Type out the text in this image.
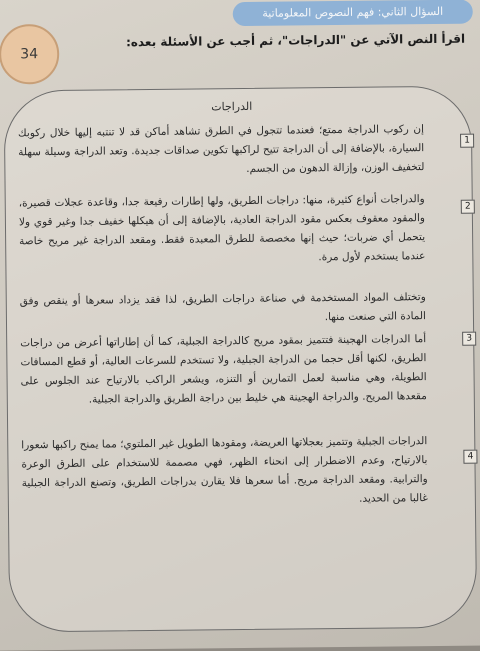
السؤال الثاني: فهم النصوص المعلوماتية
34
اقرأ النص الآتي عن "الدراجات"، ثم أجب عن الأسئلة بعده:
الدراجات
1
إن ركوب الدراجة ممتع؛ فعندما تتجول في الطرق تشاهد أماكن قد لا تنتبه إليها خلال ركوبك السيارة، بالإضافة إلى أن الدراجة تتيح لراكبها تكوين صداقات جديدة. وتعد الدراجة وسيلة سهلة لتخفيف الوزن، وإزالة الدهون من الجسم.
2
والدراجات أنواع كثيرة، منها: دراجات الطريق، ولها إطارات رفيعة جدا، وقاعدة عجلات قصيرة، والمقود معقوف بعكس مقود الدراجة العادية، بالإضافة إلى أن هيكلها خفيف جدا وغير قوي ولا يتحمل أي ضربات؛ حيث إنها مخصصة للطرق المعبدة فقط. ومقعد الدراجة غير مريح خاصة عندما يستخدم لأول مرة.
وتختلف المواد المستخدمة في صناعة دراجات الطريق، لذا فقد يزداد سعرها أو ينقص وفق المادة التي صنعت منها.
3
أما الدراجات الهجينة فتتميز بمقود مريح كالدراجة الجبلية، كما أن إطاراتها أعرض من دراجات الطريق، لكنها أقل حجما من الدراجة الجبلية، ولا تستخدم للسرعات العالية، أو قطع المسافات الطويلة، وهي مناسبة لعمل التمارين أو التنزه، ويشعر الراكب بالارتياح عند الجلوس على مقعدها المريح. والدراجة الهجينة هي خليط بين دراجة الطريق والدراجة الجبلية.
4
الدراجات الجبلية وتتميز بعجلاتها العريضة، ومقودها الطويل غير الملتوي؛ مما يمنح راكبها شعورا بالارتياح، وعدم الاضطرار إلى انحناء الظهر، فهي مصممة للاستخدام على الطرق الوعرة والترابية. ومقعد الدراجة مريح. أما سعرها فلا يقارن بدراجات الطريق، وتصنع الدراجة الجبلية غالبا من الحديد.
